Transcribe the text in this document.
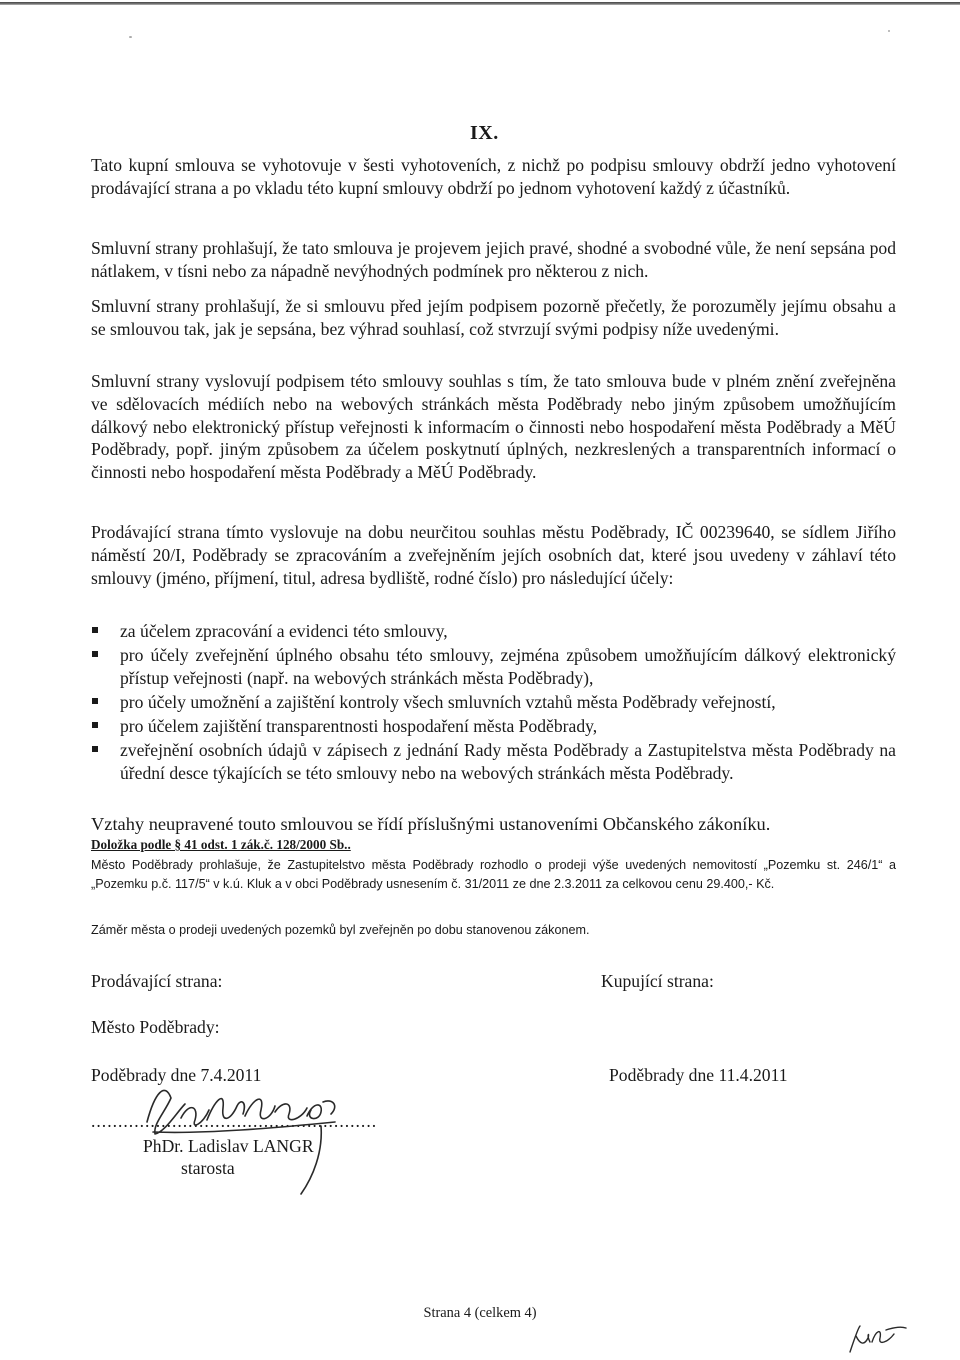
IX.

Tato kupní smlouva se vyhotovuje v šesti vyhotoveních, z nichž po podpisu smlouvy obdrží jedno vyhotovení prodávající strana a po vkladu této kupní smlouvy obdrží po jednom vyhotovení každý z účastníků.

Smluvní strany prohlašují, že tato smlouva je projevem jejich pravé, shodné a svobodné vůle, že není sepsána pod nátlakem, v tísni nebo za nápadně nevýhodných podmínek pro některou z nich.

Smluvní strany prohlašují, že si smlouvu před jejím podpisem pozorně přečetly, že porozuměly jejímu obsahu a se smlouvou tak, jak je sepsána, bez výhrad souhlasí, což stvrzují svými podpisy níže uvedenými.

Smluvní strany vyslovují podpisem této smlouvy souhlas s tím, že tato smlouva bude v plném znění zveřejněna ve sdělovacích médiích nebo na webových stránkách města Poděbrady nebo jiným způsobem umožňujícím dálkový nebo elektronický přístup veřejnosti k informacím o činnosti nebo hospodaření města Poděbrady a MěÚ Poděbrady, popř. jiným způsobem za účelem poskytnutí úplných, nezkreslených a transparentních informací o činnosti nebo hospodaření města Poděbrady a MěÚ Poděbrady.

Prodávající strana tímto vyslovuje na dobu neurčitou souhlas městu Poděbrady, IČ 00239640, se sídlem Jiřího náměstí 20/I, Poděbrady se zpracováním a zveřejněním jejích osobních dat, které jsou uvedeny v záhlaví této smlouvy (jméno, příjmení, titul, adresa bydliště, rodné číslo) pro následující účely:

za účelem zpracování a evidenci této smlouvy,
pro účely zveřejnění úplného obsahu této smlouvy, zejména způsobem umožňujícím dálkový elektronický přístup veřejnosti (např. na webových stránkách města Poděbrady),
pro účely umožnění a zajištění kontroly všech smluvních vztahů města Poděbrady veřejností,
pro účelem zajištění transparentnosti hospodaření města Poděbrady,
zveřejnění osobních údajů v zápisech z jednání Rady města Poděbrady a Zastupitelstva města Poděbrady na úřední desce týkajících se této smlouvy nebo na webových stránkách města Poděbrady.

Vztahy neupravené touto smlouvou se řídí příslušnými ustanoveními Občanského zákoníku.

Doložka podle § 41 odst. 1 zák.č. 128/2000 Sb..

Město Poděbrady prohlašuje, že Zastupitelstvo města Poděbrady rozhodlo o prodeji výše uvedených nemovitostí „Pozemku st. 246/1“ a „Pozemku p.č. 117/5“ v k.ú. Kluk a v obci Poděbrady usnesením č. 31/2011 ze dne 2.3.2011 za celkovou cenu 29.400,- Kč.

Záměr města o prodeji uvedených pozemků byl zveřejněn po dobu stanovenou zákonem.

Prodávající strana:	Kupující strana:

Město Poděbrady:

Poděbrady dne 7.4.2011	Poděbrady dne 11.4.2011

.....................................................

PhDr. Ladislav LANGR

starosta

Strana 4 (celkem 4)
